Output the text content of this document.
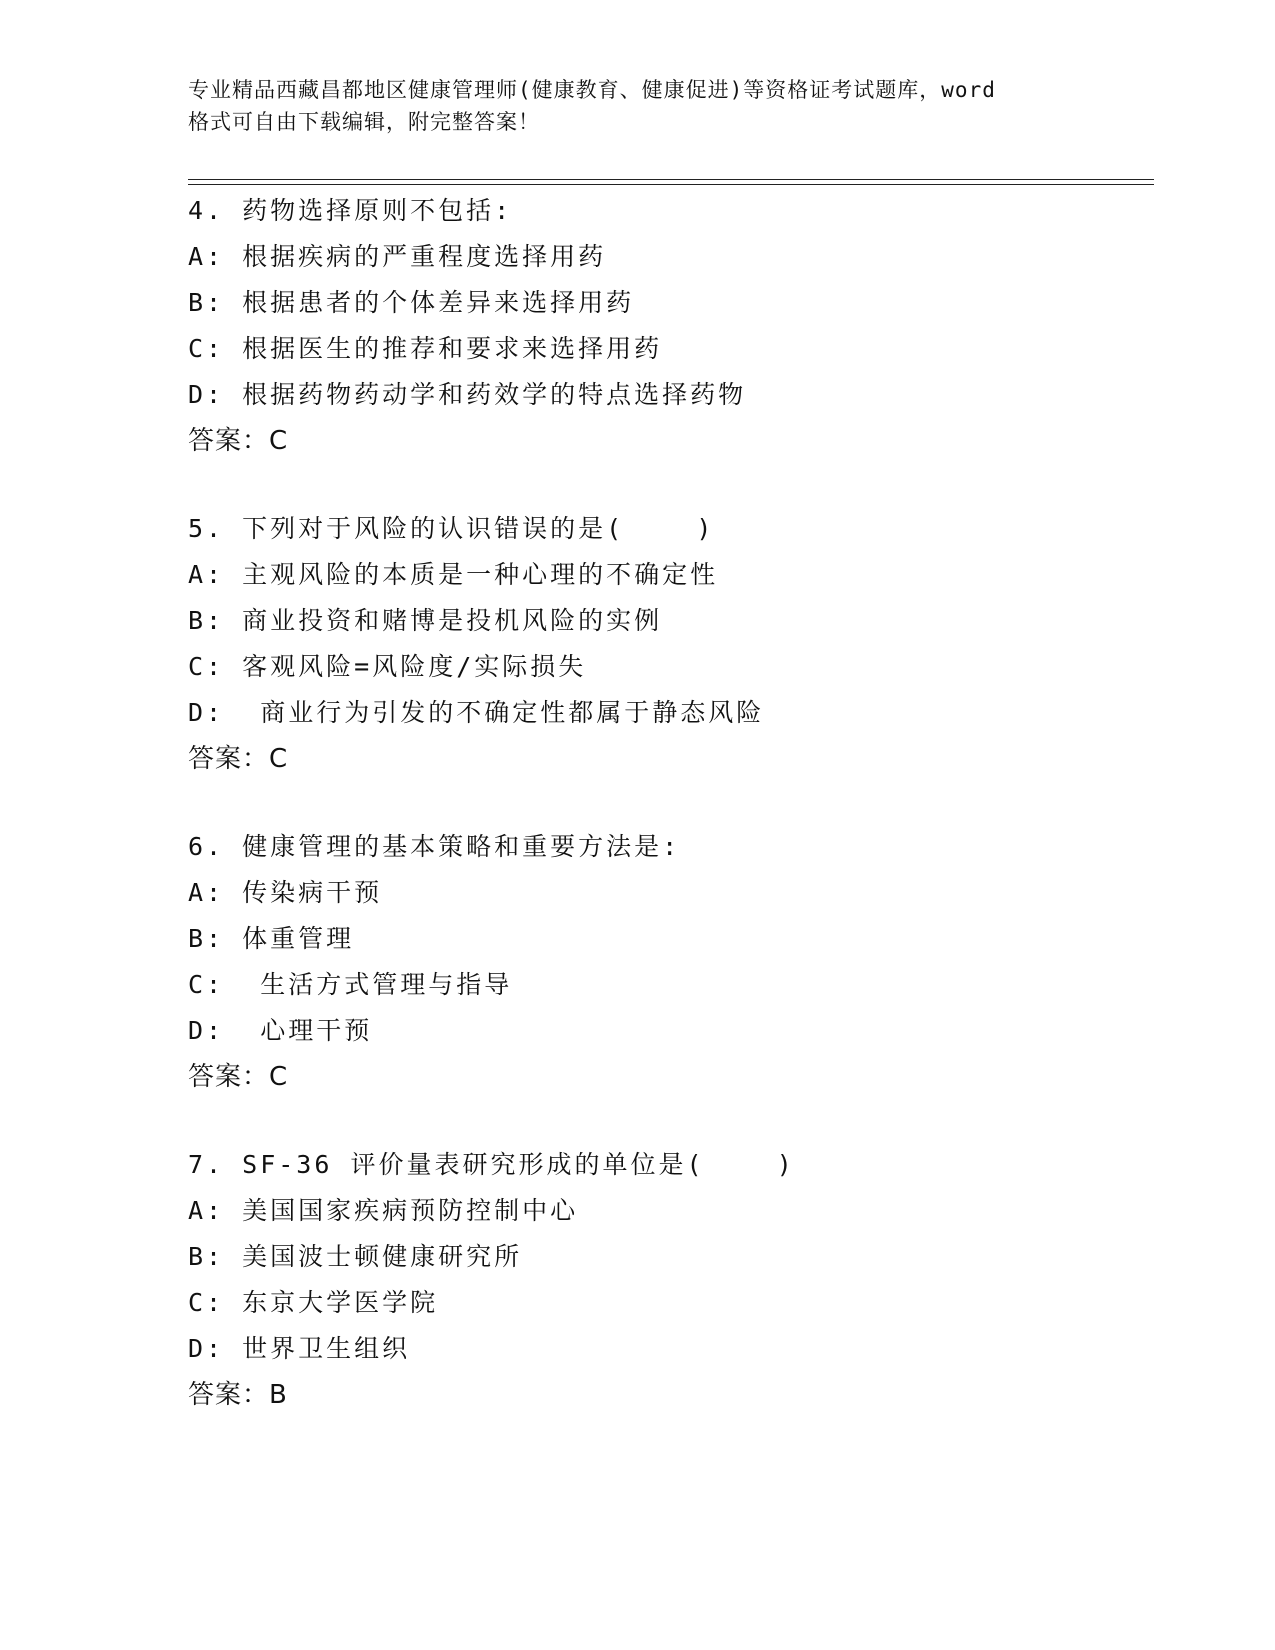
专业精品西藏昌都地区健康管理师(健康教育、健康促进)等资格证考试题库，word
格式可自由下载编辑，附完整答案！
4. 药物选择原则不包括:
A: 根据疾病的严重程度选择用药
B: 根据患者的个体差异来选择用药
C: 根据医生的推荐和要求来选择用药
D: 根据药物药动学和药效学的特点选择药物
答案：C
5. 下列对于风险的认识错误的是(    )
A: 主观风险的本质是一种心理的不确定性
B: 商业投资和赌博是投机风险的实例
C: 客观风险=风险度/实际损失
D:  商业行为引发的不确定性都属于静态风险
答案：C
6. 健康管理的基本策略和重要方法是:
A: 传染病干预
B: 体重管理
C:  生活方式管理与指导
D:  心理干预
答案：C
7. SF-36 评价量表研究形成的单位是(    )
A: 美国国家疾病预防控制中心
B: 美国波士顿健康研究所
C: 东京大学医学院
D: 世界卫生组织
答案：B
